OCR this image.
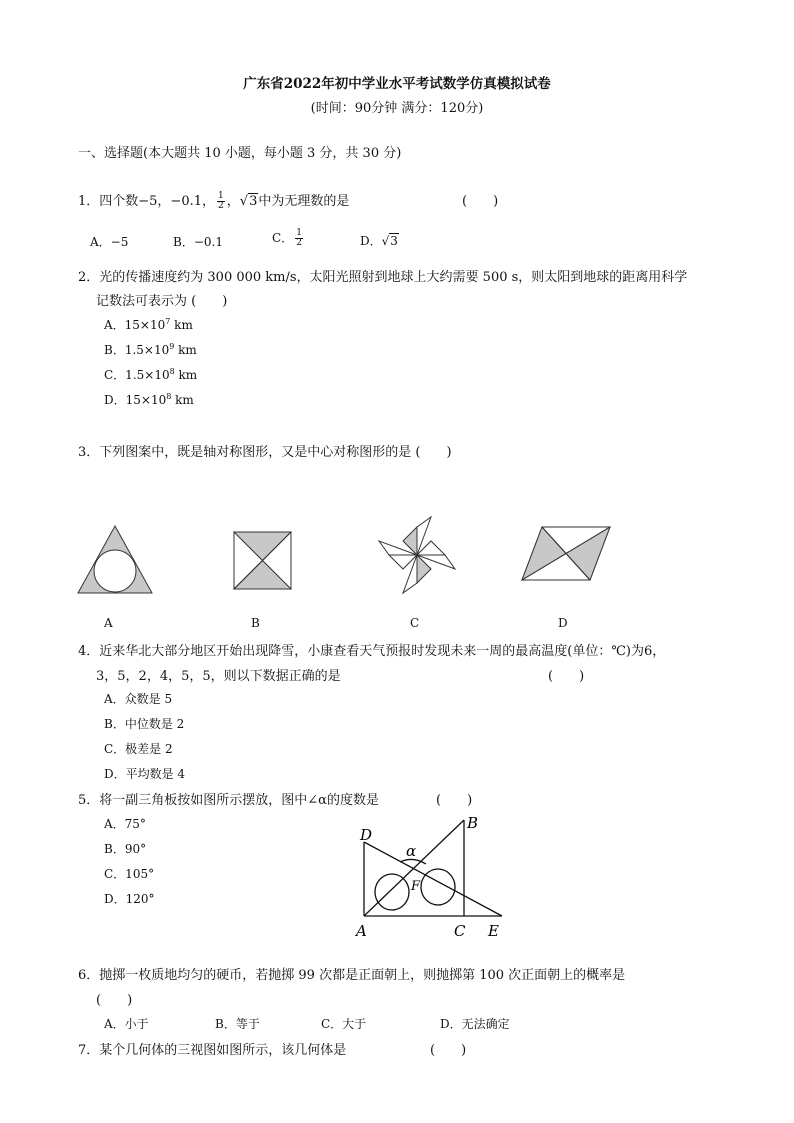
广东省2022年初中学业水平考试数学仿真模拟试卷
(时间：90分钟 满分：120分)
一、选择题(本大题共 10 小题，每小题 3 分，共 30 分)
1．四个数−5，−0.1， $\frac{1}{2}$ ，√3中为无理数的是	(　　)
A．−5	B．−0.1	C． $\frac{1}{2}$	D．√3
2．光的传播速度约为 300 000 km/s，太阳光照射到地球上大约需要 500 s，则太阳到地球的距离用科学
记数法可表示为 (　　)
A．$15\times 10^7$ km
B．$1.5\times 10^9$ km
C．$1.5\times 10^8$ km
D．$15\times 10^8$ km
3．下列图案中，既是轴对称图形，又是中心对称图形的是 (　　)
A	B	C	D
4．近来华北大部分地区开始出现降雪，小康查看天气预报时发现未来一周的最高温度(单位：℃)为6，
3，5，2，4，5，5，则以下数据正确的是	(　　)
A．众数是 5
B．中位数是 2
C．极差是 2
D．平均数是 4
5．将一副三角板按如图所示摆放，图中∠α的度数是	(　　)
A．75°
B．90°
C．105°
D．120°
D
B
α
F
A	C E
6．抛掷一枚质地均匀的硬币，若抛掷 99 次都是正面朝上，则抛掷第 100 次正面朝上的概率是
(　　)
A．小于	B．等于	C．大于	D．无法确定
7．某个几何体的三视图如图所示，该几何体是	(　　)
